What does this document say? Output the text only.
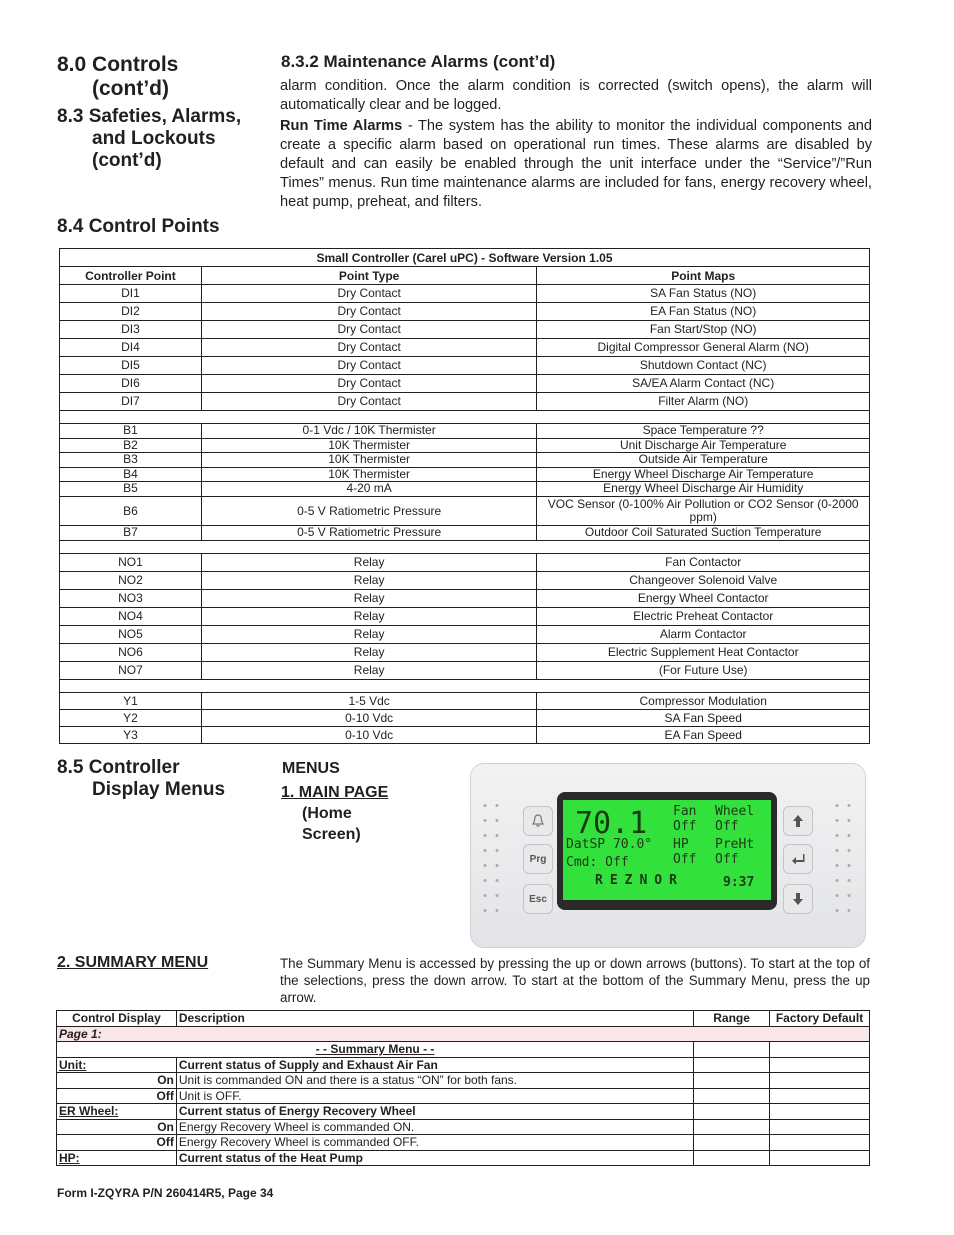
8.0 Controls
(cont’d)
8.3 Safeties, Alarms,
and Lockouts
(cont’d)
8.4 Control Points
8.3.2 Maintenance Alarms (cont’d)
alarm condition. Once the alarm condition is corrected (switch opens), the alarm will automatically clear and be logged.
Run Time Alarms - The system has the ability to monitor the individual components and create a specific alarm based on operational run times. These alarms are disabled by default and can easily be enabled through the unit interface under the “Service”/”Run Times” menus. Run time maintenance alarms are included for fans, energy recovery wheel, heat pump, preheat, and filters.
Small Controller (Carel uPC) - Software Version 1.05		
Controller Point	Point Type	Point Maps
DI1	Dry Contact	SA Fan Status (NO)
DI2	Dry Contact	EA Fan Status (NO)
DI3	Dry Contact	Fan Start/Stop (NO)
DI4	Dry Contact	Digital Compressor General Alarm (NO)
DI5	Dry Contact	Shutdown Contact (NC)
DI6	Dry Contact	SA/EA Alarm Contact (NC)
DI7	Dry Contact	Filter Alarm (NO)

B1	0-1 Vdc / 10K Thermister	Space Temperature ??
B2	10K Thermister	Unit Discharge Air Temperature
B3	10K Thermister	Outside Air Temperature
B4	10K Thermister	Energy Wheel Discharge Air Temperature
B5	4-20 mA	Energy Wheel Discharge Air Humidity
B6	0-5 V Ratiometric Pressure	VOC Sensor (0-100% Air Pollution or CO2 Sensor (0-2000 ppm)
B7	0-5 V Ratiometric Pressure	Outdoor Coil Saturated Suction Temperature

NO1	Relay	Fan Contactor
NO2	Relay	Changeover Solenoid Valve
NO3	Relay	Energy Wheel Contactor
NO4	Relay	Electric Preheat Contactor
NO5	Relay	Alarm Contactor
NO6	Relay	Electric Supplement Heat Contactor
NO7	Relay	(For Future Use)

Y1	1-5 Vdc	Compressor Modulation
Y2	0-10 Vdc	SA Fan Speed
Y3	0-10 Vdc	EA Fan Speed
8.5 Controller
Display Menus
MENUS
1. MAIN PAGE
(Home
Screen)
Prg
Esc
70.1 Fan Wheel
Off Off
DatSP 70.0° HP PreHt
Cmd: Off	Off Off
REZNOR	9:37
2. SUMMARY MENU	The Summary Menu is accessed by pressing the up or down arrows (buttons). To start at the top of the selections, press the down arrow. To start at the bottom of the Summary Menu, press the up arrow.
Control Display	Description	Range	Factory Default
Page 1:			
- - Summary Menu - -			
Unit:	Current status of Supply and Exhaust Air Fan		
On	Unit is commanded ON and there is a status “ON” for both fans.		
Off	Unit is OFF.		
ER Wheel:	Current status of Energy Recovery Wheel		
On	Energy Recovery Wheel is commanded ON.		
Off	Energy Recovery Wheel is commanded OFF.		
HP:	Current status of the Heat Pump		
Form I-ZQYRA P/N 260414R5, Page 34
